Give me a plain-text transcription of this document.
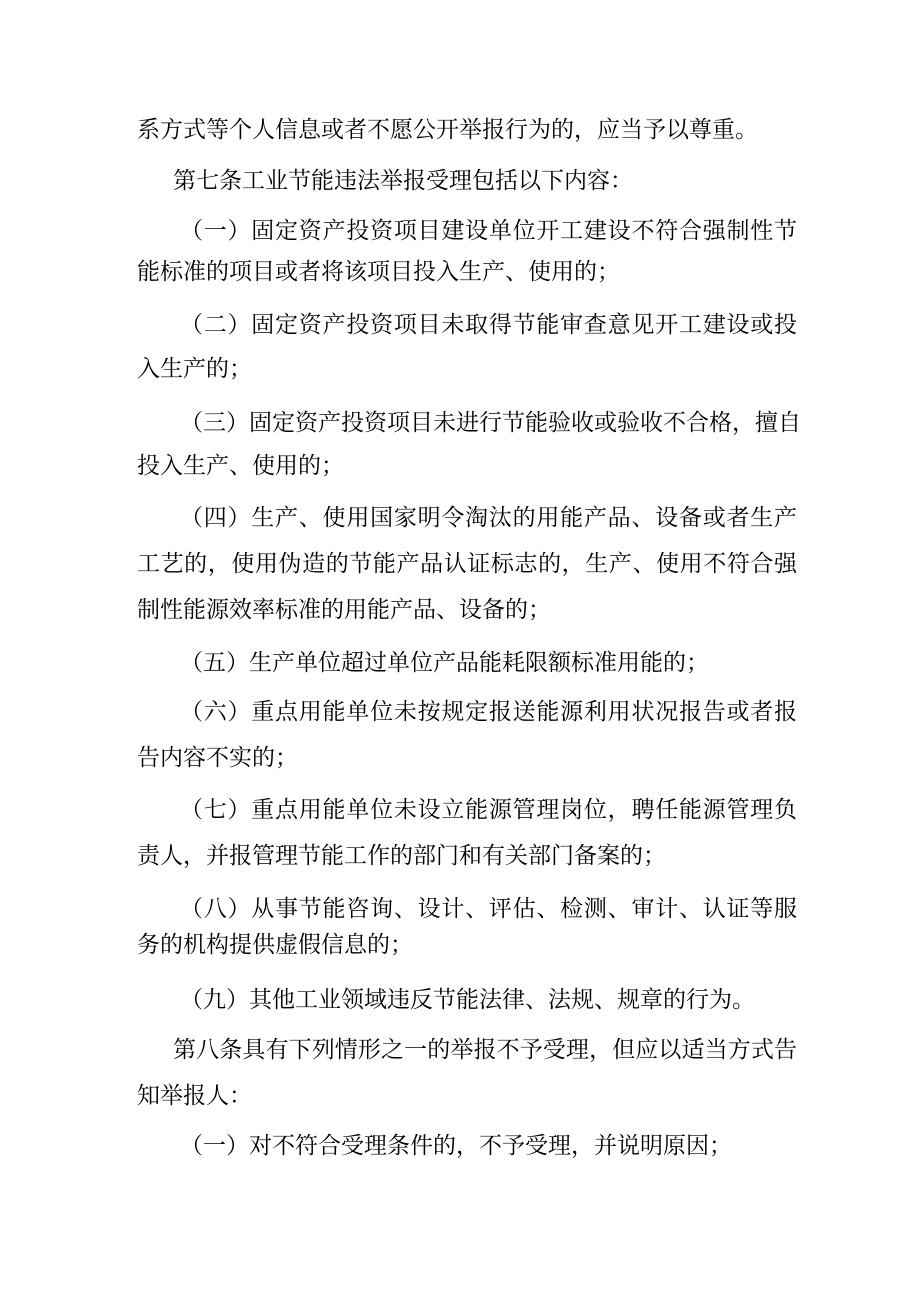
系方式等个人信息或者不愿公开举报行为的，应当予以尊重。

第七条工业节能违法举报受理包括以下内容：

（一）固定资产投资项目建设单位开工建设不符合强制性节

能标准的项目或者将该项目投入生产、使用的；

（二）固定资产投资项目未取得节能审查意见开工建设或投

入生产的；

（三）固定资产投资项目未进行节能验收或验收不合格，擅自

投入生产、使用的；

（四）生产、使用国家明令淘汰的用能产品、设备或者生产

工艺的，使用伪造的节能产品认证标志的，生产、使用不符合强

制性能源效率标准的用能产品、设备的；

（五）生产单位超过单位产品能耗限额标准用能的；

（六）重点用能单位未按规定报送能源利用状况报告或者报

告内容不实的；

（七）重点用能单位未设立能源管理岗位，聘任能源管理负

责人，并报管理节能工作的部门和有关部门备案的；

（八）从事节能咨询、设计、评估、检测、审计、认证等服

务的机构提供虚假信息的；

（九）其他工业领域违反节能法律、法规、规章的行为。

第八条具有下列情形之一的举报不予受理，但应以适当方式告

知举报人：

（一）对不符合受理条件的，不予受理，并说明原因；
